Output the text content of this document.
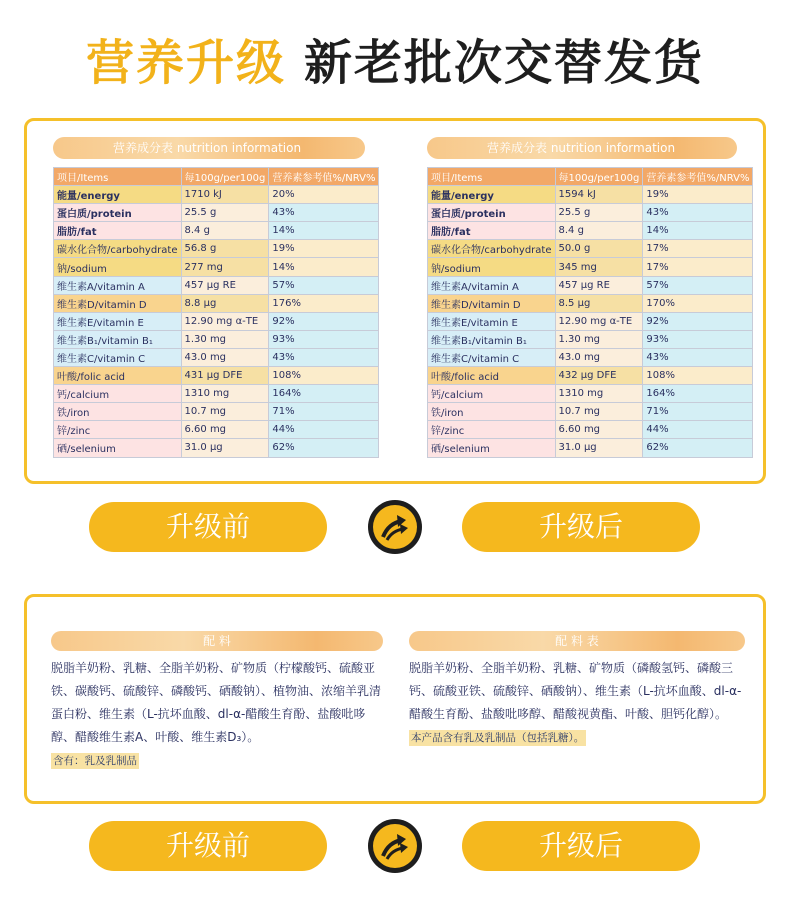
营养升级 新老批次交替发货
营养成分表 nutrition information
项目/Items	每100g/per100g	营养素参考值%/NRV%
能量/energy	1710 kJ	20%
蛋白质/protein	25.5 g	43%
脂肪/fat	8.4 g	14%
碳水化合物/carbohydrate	56.8 g	19%
钠/sodium	277 mg	14%
维生素A/vitamin A	457 μg RE	57%
维生素D/vitamin D	8.8 μg	176%
维生素E/vitamin E	12.90 mg α-TE	92%
维生素B₁/vitamin B₁	1.30 mg	93%
维生素C/vitamin C	43.0 mg	43%
叶酸/folic acid	431 μg DFE	108%
钙/calcium	1310 mg	164%
铁/iron	10.7 mg	71%
锌/zinc	6.60 mg	44%
硒/selenium	31.0 μg	62%
营养成分表 nutrition information
项目/Items	每100g/per100g	营养素参考值%/NRV%
能量/energy	1594 kJ	19%
蛋白质/protein	25.5 g	43%
脂肪/fat	8.4 g	14%
碳水化合物/carbohydrate	50.0 g	17%
钠/sodium	345 mg	17%
维生素A/vitamin A	457 μg RE	57%
维生素D/vitamin D	8.5 μg	170%
维生素E/vitamin E	12.90 mg α-TE	92%
维生素B₁/vitamin B₁	1.30 mg	93%
维生素C/vitamin C	43.0 mg	43%
叶酸/folic acid	432 μg DFE	108%
钙/calcium	1310 mg	164%
铁/iron	10.7 mg	71%
锌/zinc	6.60 mg	44%
硒/selenium	31.0 μg	62%
升级前	升级后
配 料
脱脂羊奶粉、乳糖、全脂羊奶粉、矿物质（柠檬酸钙、硫酸亚铁、碳酸钙、硫酸锌、磷酸钙、硒酸钠）、植物油、浓缩羊乳清蛋白粉、维生素（L-抗坏血酸、dl-α-醋酸生育酚、盐酸吡哆醇、醋酸维生素A、叶酸、维生素D₃）。
含有：乳及乳制品
配 料 表
脱脂羊奶粉、全脂羊奶粉、乳糖、矿物质（磷酸氢钙、磷酸三钙、硫酸亚铁、硫酸锌、硒酸钠）、维生素（L-抗坏血酸、dl-α-醋酸生育酚、盐酸吡哆醇、醋酸视黄酯、叶酸、胆钙化醇）。
本产品含有乳及乳制品（包括乳糖）。
升级前	升级后
